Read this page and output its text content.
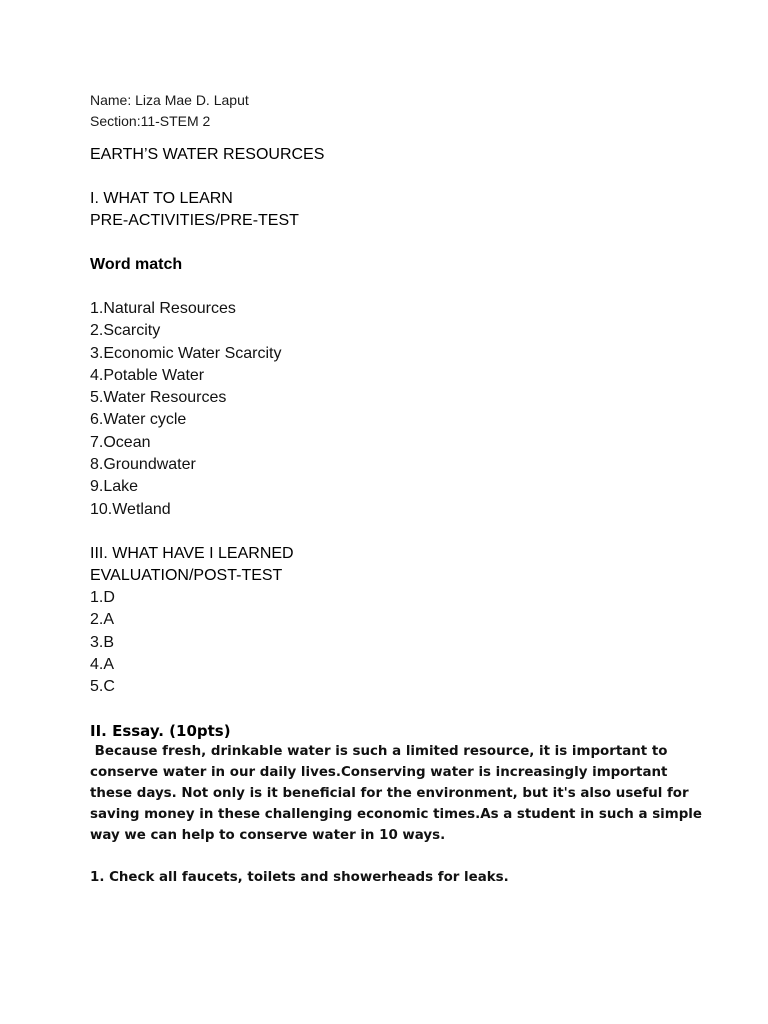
Name: Liza Mae D. Laput
Section:11-STEM 2
EARTH’S WATER RESOURCES
I. WHAT TO LEARN
PRE-ACTIVITIES/PRE-TEST
Word match
1.Natural Resources
2.Scarcity
3.Economic Water Scarcity
4.Potable Water
5.Water Resources
6.Water cycle
7.Ocean
8.Groundwater
9.Lake
10.Wetland
III. WHAT HAVE I LEARNED
EVALUATION/POST-TEST
1.D
2.A
3.B
4.A
5.C
II. Essay. (10pts)
Because fresh, drinkable water is such a limited resource, it is important to
conserve water in our daily lives.Conserving water is increasingly important
these days. Not only is it beneficial for the environment, but it's also useful for
saving money in these challenging economic times.As a student in such a simple
way we can help to conserve water in 10 ways.
1. Check all faucets, toilets and showerheads for leaks.
